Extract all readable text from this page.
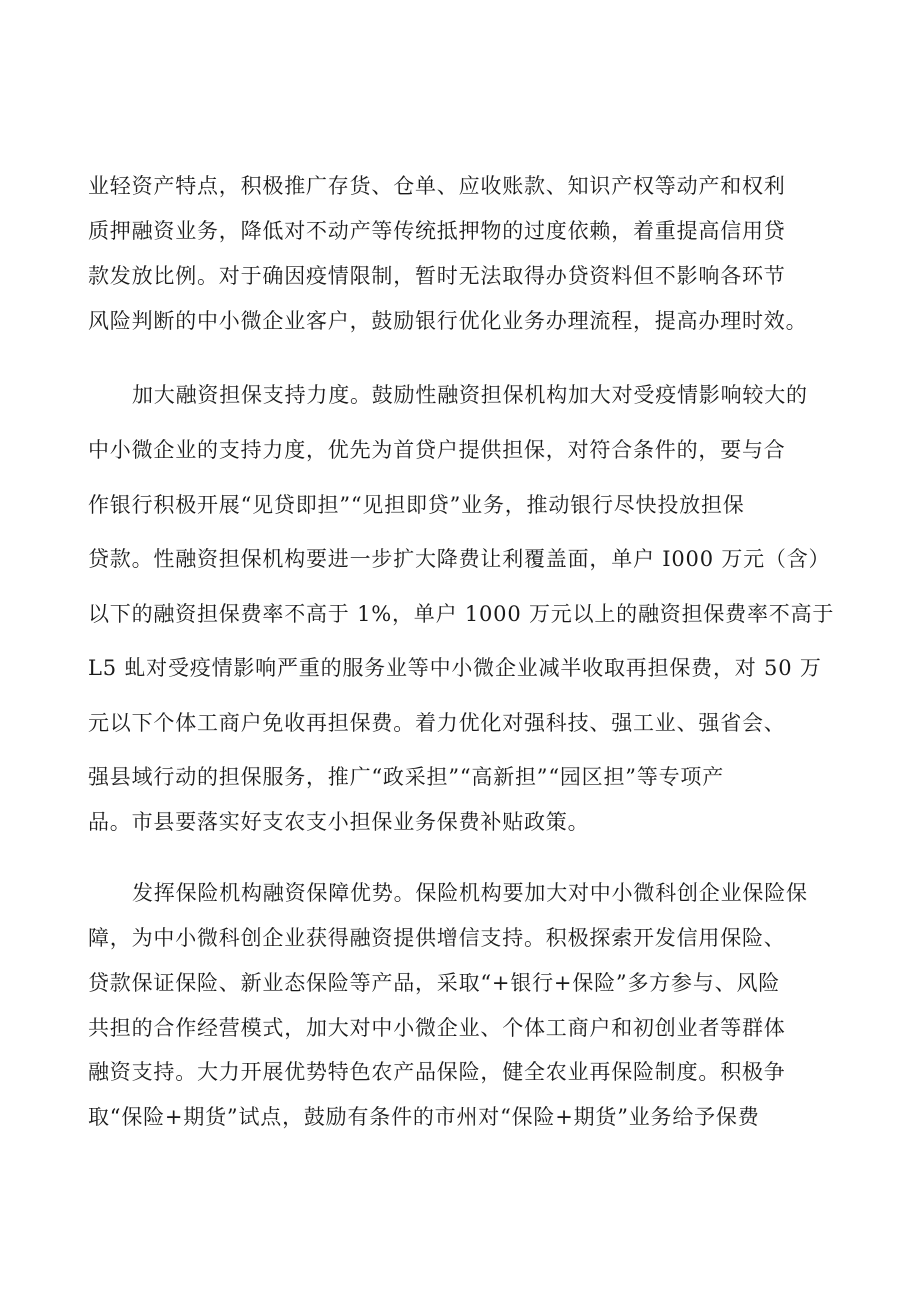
业轻资产特点，积极推广存货、仓单、应收账款、知识产权等动产和权利
质押融资业务，降低对不动产等传统抵押物的过度依赖，着重提高信用贷
款发放比例。对于确因疫情限制，暂时无法取得办贷资料但不影响各环节
风险判断的中小微企业客户，鼓励银行优化业务办理流程，提高办理时效。
加大融资担保支持力度。鼓励性融资担保机构加大对受疫情影响较大的
中小微企业的支持力度，优先为首贷户提供担保，对符合条件的，要与合
作银行积极开展“见贷即担”“见担即贷”业务，推动银行尽快投放担保
贷款。性融资担保机构要进一步扩大降费让利覆盖面，单户 I000 万元（含）
以下的融资担保费率不高于 1%，单户 1000 万元以上的融资担保费率不高于
L5 虬对受疫情影响严重的服务业等中小微企业减半收取再担保费，对 50 万
元以下个体工商户免收再担保费。着力优化对强科技、强工业、强省会、
强县域行动的担保服务，推广“政采担”“高新担”“园区担”等专项产
品。市县要落实好支农支小担保业务保费补贴政策。
发挥保险机构融资保障优势。保险机构要加大对中小微科创企业保险保
障，为中小微科创企业获得融资提供增信支持。积极探索开发信用保险、
贷款保证保险、新业态保险等产品，采取“+银行+保险”多方参与、风险
共担的合作经营模式，加大对中小微企业、个体工商户和初创业者等群体
融资支持。大力开展优势特色农产品保险，健全农业再保险制度。积极争
取“保险+期货”试点，鼓励有条件的市州对“保险+期货”业务给予保费
